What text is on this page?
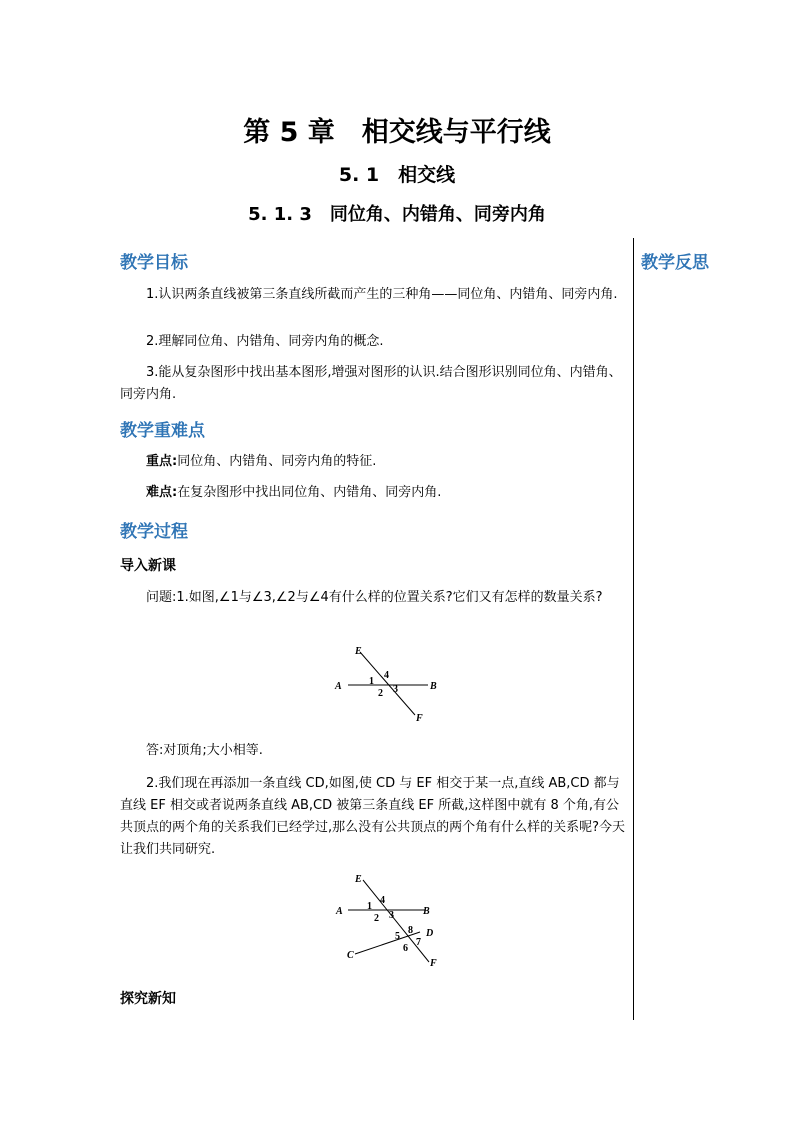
第 5 章　相交线与平行线
5. 1　相交线
5. 1. 3　同位角、内错角、同旁内角
教学反思
教学目标
1.认识两条直线被第三条直线所截而产生的三种角——同位角、内错角、同旁内角.
2.理解同位角、内错角、同旁内角的概念.
3.能从复杂图形中找出基本图形,增强对图形的认识.结合图形识别同位角、内错角、同旁内角.
教学重难点
重点:同位角、内错角、同旁内角的特征.
难点:在复杂图形中找出同位角、内错角、同旁内角.
教学过程
导入新课
问题:1.如图,∠1与∠3,∠2与∠4有什么样的位置关系?它们又有怎样的数量关系?
E
A	B
F
1
4
2 3
答:对顶角;大小相等.
2.我们现在再添加一条直线 CD,如图,使 CD 与 EF 相交于某一点,直线 AB,CD 都与直线 EF 相交或者说两条直线 AB,CD 被第三条直线 EF 所截,这样图中就有 8 个角,有公共顶点的两个角的关系我们已经学过,那么没有公共顶点的两个角有什么样的关系呢?今天让我们共同研究.
E
A	B
C
D
F
1
4
2 3
8
5
7
6
探究新知
